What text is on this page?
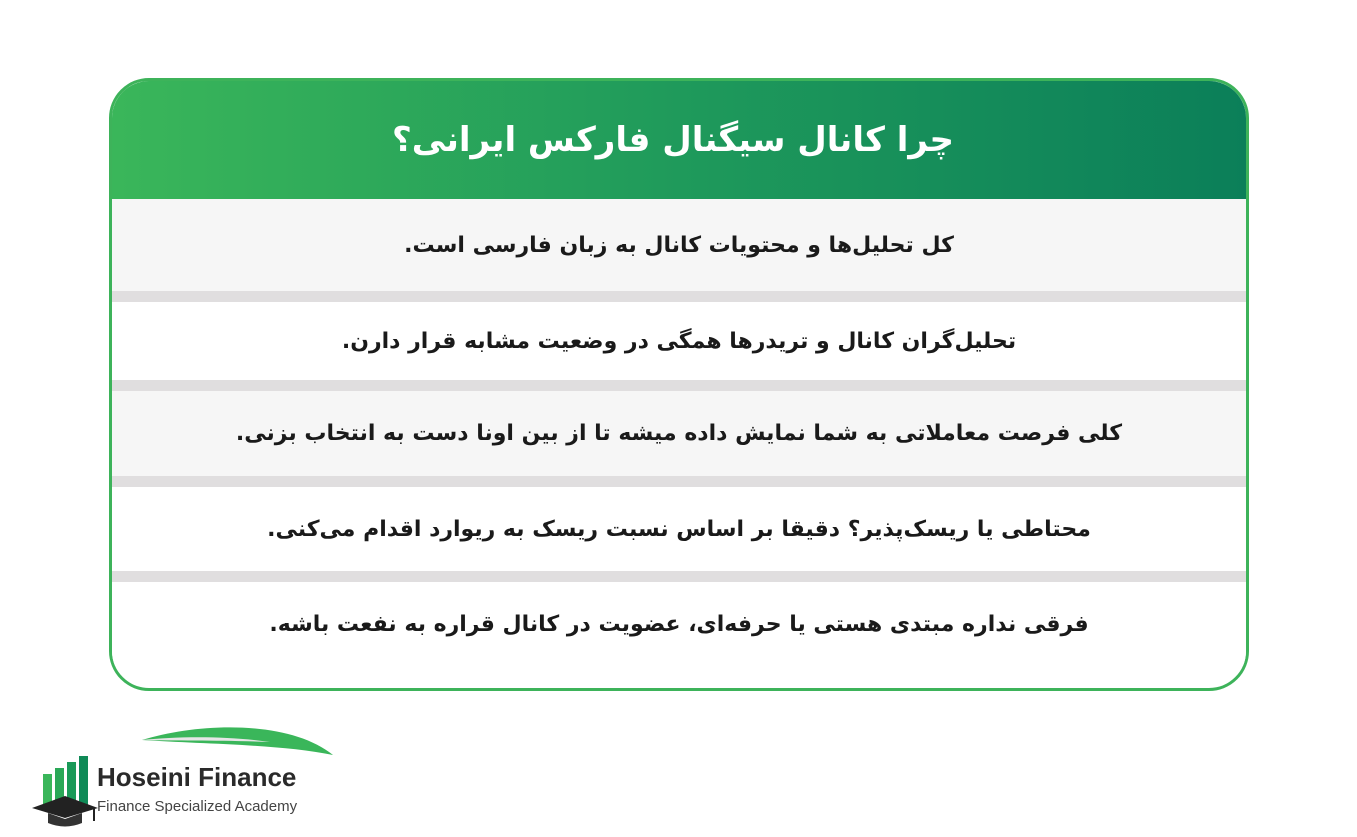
چرا کانال سیگنال فارکس ایرانی؟
کل تحلیل‌ها و محتویات کانال به زبان فارسی است.
تحلیل‌گران کانال و تریدرها همگی در وضعیت مشابه قرار دارن.
کلی فرصت معاملاتی به شما نمایش داده میشه تا از بین اونا دست به انتخاب بزنی.
محتاطی یا ریسک‌پذیر؟ دقیقا بر اساس نسبت ریسک به ریوارد اقدام می‌کنی.
فرقی نداره مبتدی هستی یا حرفه‌ای، عضویت در کانال قراره به نفعت باشه.
Hoseini Finance
Finance Specialized Academy
